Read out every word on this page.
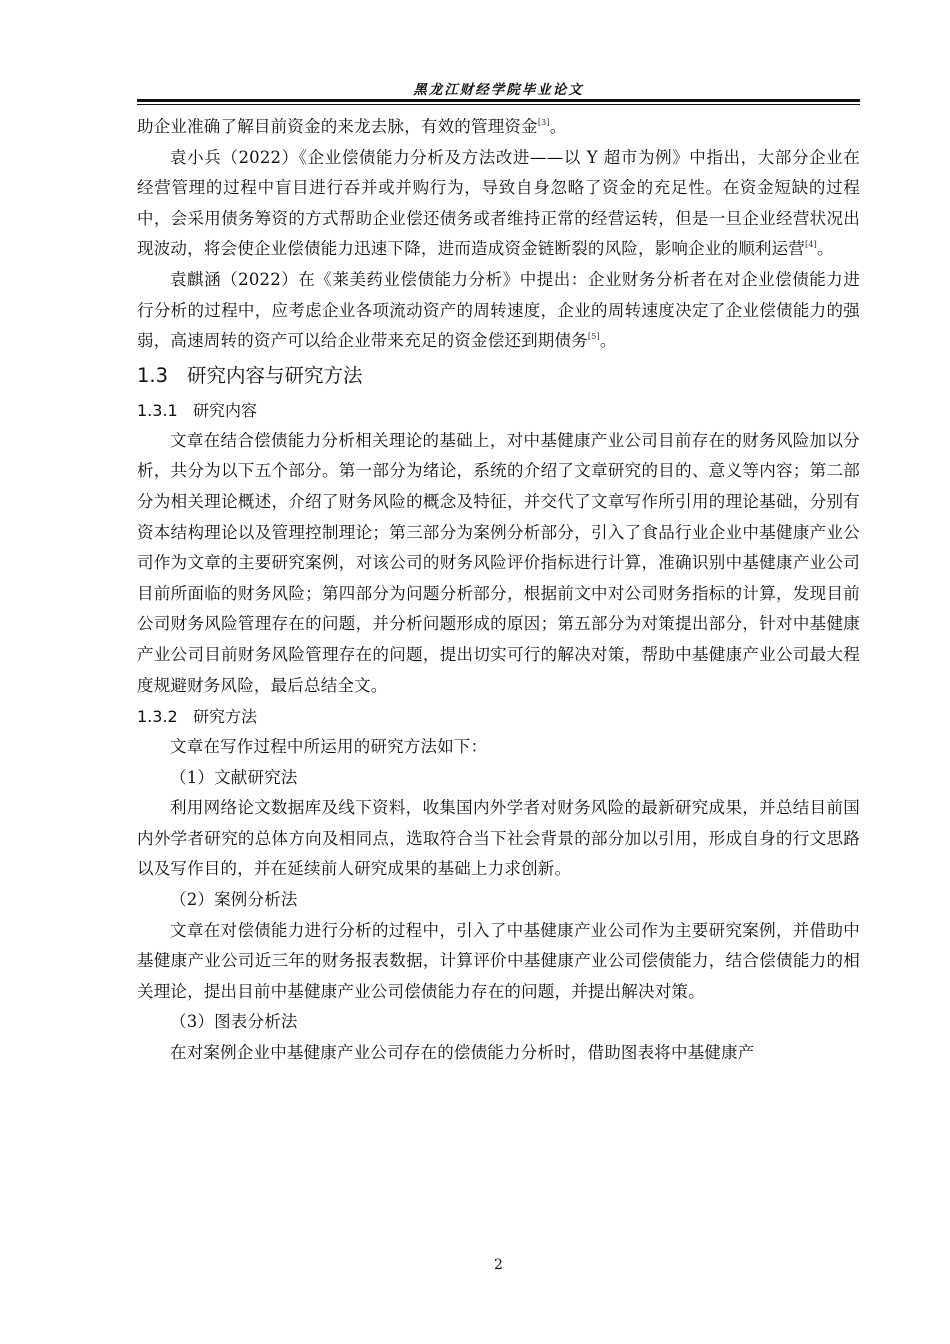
黑龙江财经学院毕业论文

助企业准确了解目前资金的来龙去脉，有效的管理资金[3]。

袁小兵（2022）《企业偿债能力分析及方法改进——以 Y 超市为例》中指出，大部分企业在经营管理的过程中盲目进行吞并或并购行为，导致自身忽略了资金的充足性。在资金短缺的过程中，会采用债务筹资的方式帮助企业偿还债务或者维持正常的经营运转，但是一旦企业经营状况出现波动，将会使企业偿债能力迅速下降，进而造成资金链断裂的风险，影响企业的顺利运营[4]。

袁麒涵（2022）在《莱美药业偿债能力分析》中提出：企业财务分析者在对企业偿债能力进行分析的过程中，应考虑企业各项流动资产的周转速度，企业的周转速度决定了企业偿债能力的强弱，高速周转的资产可以给企业带来充足的资金偿还到期债务[5]。

1.3 研究内容与研究方法

1.3.1 研究内容

文章在结合偿债能力分析相关理论的基础上，对中基健康产业公司目前存在的财务风险加以分析，共分为以下五个部分。第一部分为绪论，系统的介绍了文章研究的目的、意义等内容；第二部分为相关理论概述，介绍了财务风险的概念及特征，并交代了文章写作所引用的理论基础，分别有资本结构理论以及管理控制理论；第三部分为案例分析部分，引入了食品行业企业中基健康产业公司作为文章的主要研究案例，对该公司的财务风险评价指标进行计算，准确识别中基健康产业公司目前所面临的财务风险；第四部分为问题分析部分，根据前文中对公司财务指标的计算，发现目前公司财务风险管理存在的问题，并分析问题形成的原因；第五部分为对策提出部分，针对中基健康产业公司目前财务风险管理存在的问题，提出切实可行的解决对策，帮助中基健康产业公司最大程度规避财务风险，最后总结全文。

1.3.2 研究方法

文章在写作过程中所运用的研究方法如下：

（1）文献研究法

利用网络论文数据库及线下资料，收集国内外学者对财务风险的最新研究成果，并总结目前国内外学者研究的总体方向及相同点，选取符合当下社会背景的部分加以引用，形成自身的行文思路以及写作目的，并在延续前人研究成果的基础上力求创新。

（2）案例分析法

文章在对偿债能力进行分析的过程中，引入了中基健康产业公司作为主要研究案例，并借助中基健康产业公司近三年的财务报表数据，计算评价中基健康产业公司偿债能力，结合偿债能力的相关理论，提出目前中基健康产业公司偿债能力存在的问题，并提出解决对策。

（3）图表分析法

在对案例企业中基健康产业公司存在的偿债能力分析时，借助图表将中基健康产

2
